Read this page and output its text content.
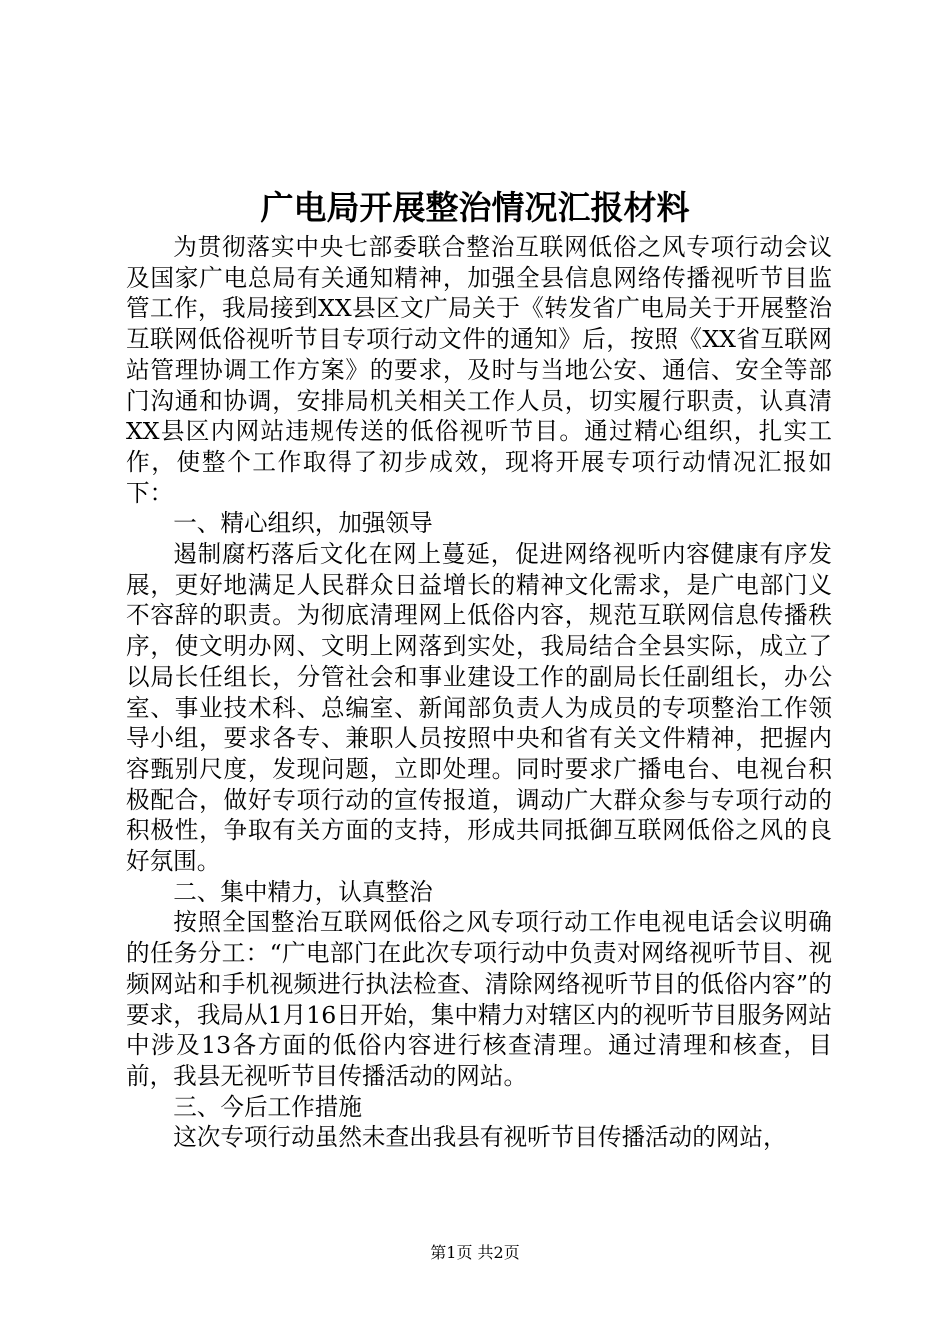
广电局开展整治情况汇报材料

为贯彻落实中央七部委联合整治互联网低俗之风专项行动会议及国家广电总局有关通知精神，加强全县信息网络传播视听节目监管工作，我局接到XX县区文广局关于《转发省广电局关于开展整治互联网低俗视听节目专项行动文件的通知》后，按照《XX省互联网站管理协调工作方案》的要求，及时与当地公安、通信、安全等部门沟通和协调，安排局机关相关工作人员，切实履行职责，认真清XX县区内网站违规传送的低俗视听节目。通过精心组织，扎实工作，使整个工作取得了初步成效，现将开展专项行动情况汇报如下：

一、精心组织，加强领导

遏制腐朽落后文化在网上蔓延，促进网络视听内容健康有序发展，更好地满足人民群众日益增长的精神文化需求，是广电部门义不容辞的职责。为彻底清理网上低俗内容，规范互联网信息传播秩序，使文明办网、文明上网落到实处，我局结合全县实际，成立了以局长任组长，分管社会和事业建设工作的副局长任副组长，办公室、事业技术科、总编室、新闻部负责人为成员的专项整治工作领导小组，要求各专、兼职人员按照中央和省有关文件精神，把握内容甄别尺度，发现问题，立即处理。同时要求广播电台、电视台积极配合，做好专项行动的宣传报道，调动广大群众参与专项行动的积极性，争取有关方面的支持，形成共同抵御互联网低俗之风的良好氛围。

二、集中精力，认真整治

按照全国整治互联网低俗之风专项行动工作电视电话会议明确的任务分工：“广电部门在此次专项行动中负责对网络视听节目、视频网站和手机视频进行执法检查、清除网络视听节目的低俗内容”的要求，我局从1月16日开始，集中精力对辖区内的视听节目服务网站中涉及13各方面的低俗内容进行核查清理。通过清理和核查，目前，我县无视听节目传播活动的网站。

三、今后工作措施

这次专项行动虽然未查出我县有视听节目传播活动的网站，

第1页 共2页
